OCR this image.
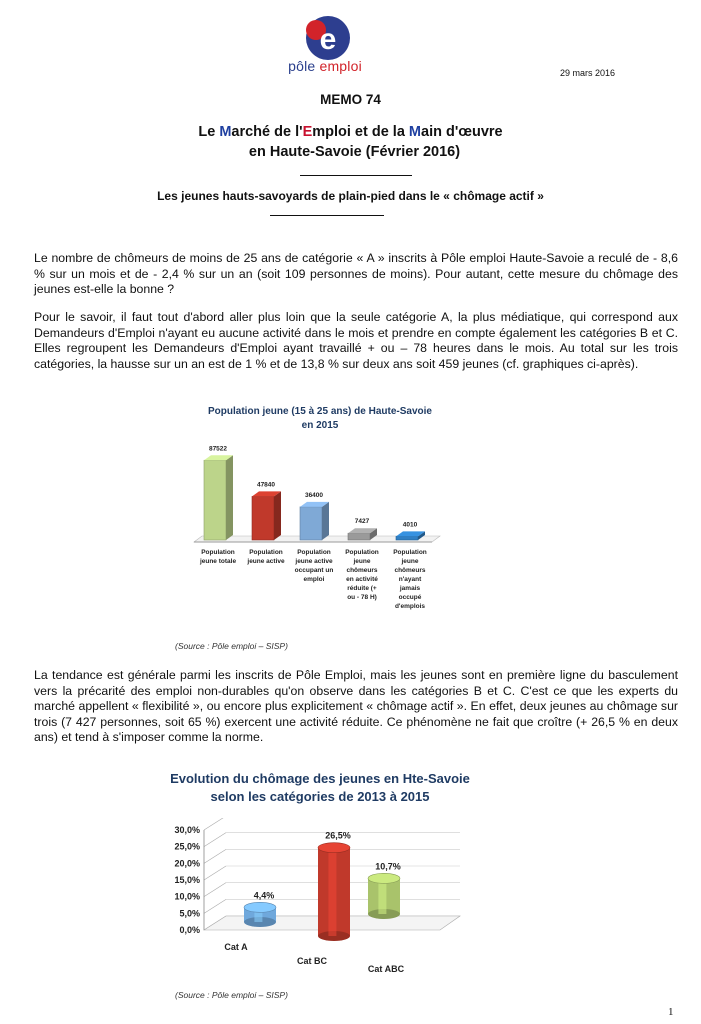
e
pôle emploi	29 mars 2016
MEMO 74
Le Marché de l'Emploi et de la Main d'œuvre
en Haute-Savoie (Février 2016)
Les jeunes hauts-savoyards de plain-pied dans le « chômage actif »
Le nombre de chômeurs de moins de 25 ans de catégorie « A » inscrits à Pôle emploi Haute-Savoie a reculé de - 8,6 % sur un mois et de - 2,4 % sur un an (soit 109 personnes de moins). Pour autant, cette mesure du chômage des jeunes est-elle la bonne ?
Pour le savoir, il faut tout d'abord aller plus loin que la seule catégorie A, la plus médiatique, qui correspond aux Demandeurs d'Emploi n'ayant eu aucune activité dans le mois et prendre en compte également les catégories B et C. Elles regroupent les Demandeurs d'Emploi ayant travaillé + ou – 78 heures dans le mois. Au total sur les trois catégories, la hausse sur un an est de 1 % et de 13,8 % sur deux ans soit 459 jeunes (cf. graphiques ci-après).
Population jeune (15 à 25 ans) de Haute-Savoie
en 2015
87522
Population
jeune totale
47840
Population
jeune active
36400
Population
jeune active
occupant un
emploi
7427
Population
jeune
chômeurs
en activité
réduite (+
ou - 78 H)
4010
Population
jeune
chômeurs
n'ayant
jamais
occupé
d'emplois
(Source : Pôle emploi – SISP)
La tendance est générale parmi les inscrits de Pôle Emploi, mais les jeunes sont en première ligne du basculement vers la précarité des emploi non-durables qu'on observe dans les catégories B et C. C'est ce que les experts du marché appellent « flexibilité », ou encore plus explicitement « chômage actif ». En effet, deux jeunes au chômage sur trois (7 427 personnes, soit 65 %) exercent une activité réduite. Ce phénomène ne fait que croître (+ 26,5 % en deux ans) et tend à s'imposer comme la norme.
Evolution du chômage des jeunes en Hte-Savoie
selon les catégories de 2013 à 2015
0,0%
5,0%
10,0%
15,0%
20,0%
25,0%
30,0%
4,4%
Cat A
26,5%
Cat BC
10,7%
Cat ABC
(Source : Pôle emploi – SISP)
1
